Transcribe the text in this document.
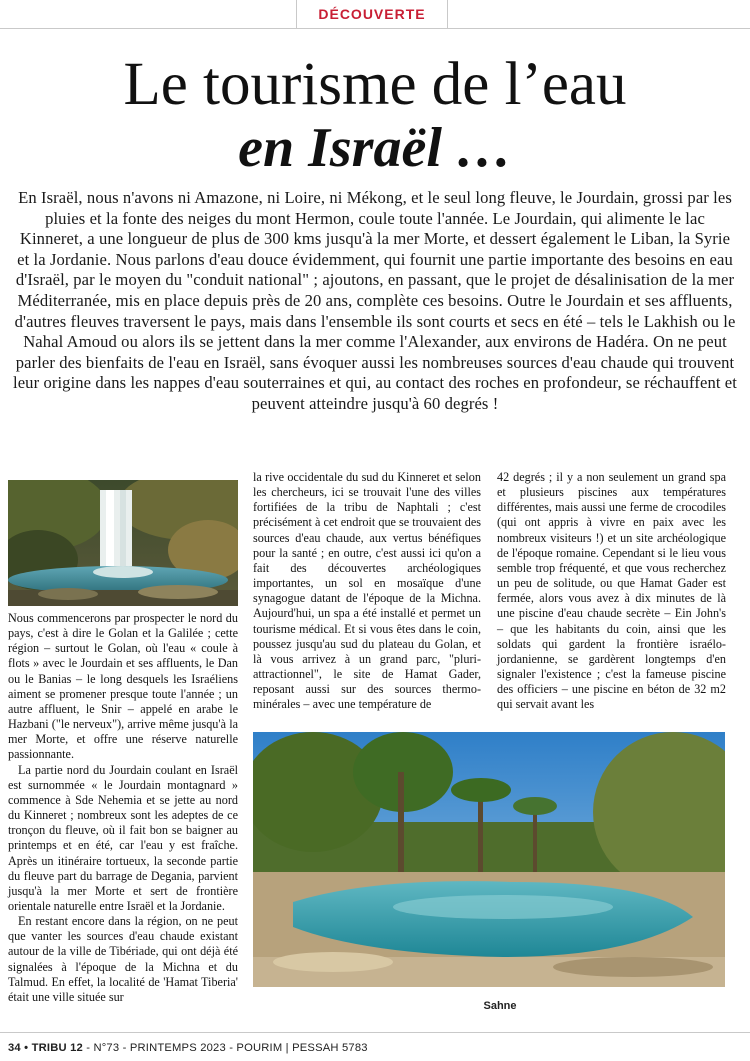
DÉCOUVERTE
Le tourisme de l’eau
en Israël …
En Israël, nous n'avons ni Amazone, ni Loire, ni Mékong, et le seul long fleuve, le Jourdain, grossi par les pluies et la fonte des neiges du mont Hermon, coule toute l'année. Le Jourdain, qui alimente le lac Kinneret, a une longueur de plus de 300 kms jusqu'à la mer Morte, et dessert également le Liban, la Syrie et la Jordanie. Nous parlons d'eau douce évidemment, qui fournit une partie importante des besoins en eau d'Israël, par le moyen du "conduit national" ; ajoutons, en passant, que le projet de désalinisation de la mer Méditerranée, mis en place depuis près de 20 ans, complète ces besoins. Outre le Jourdain et ses affluents, d'autres fleuves traversent le pays, mais dans l'ensemble ils sont courts et secs en été – tels le Lakhish ou le Nahal Amoud ou alors ils se jettent dans la mer comme l'Alexander, aux environs de Hadéra. On ne peut parler des bienfaits de l'eau en Israël, sans évoquer aussi les nombreuses sources d'eau chaude qui trouvent leur origine dans les nappes d'eau souterraines et qui, au contact des roches en profondeur, se réchauffent et peuvent atteindre jusqu'à 60 degrés !

Nous commencerons par prospecter le nord du pays, c'est à dire le Golan et la Galilée ; cette région – surtout le Golan, où l'eau « coule à flots » avec le Jourdain et ses affluents, le Dan ou le Banias – le long desquels les Israéliens aiment se promener presque toute l'année ; un autre affluent, le Snir – appelé en arabe le Hazbani ("le nerveux"), arrive même jusqu'à la mer Morte, et offre une réserve naturelle passionnante.

La partie nord du Jourdain coulant en Israël est surnommée « le Jourdain montagnard » commence à Sde Nehemia et se jette au nord du Kinneret ; nombreux sont les adeptes de ce tronçon du fleuve, où il fait bon se baigner au printemps et en été, car l'eau y est fraîche. Après un itinéraire tortueux, la seconde partie du fleuve part du barrage de Degania, parvient jusqu'à la mer Morte et sert de frontière orientale naturelle entre Israël et la Jordanie.

En restant encore dans la région, on ne peut que vanter les sources d'eau chaude existant autour de la ville de Tibériade, qui ont déjà été signalées à l'époque de la Michna et du Talmud. En effet, la localité de 'Hamat Tiberia' était une ville située sur

la rive occidentale du sud du Kinneret et selon les chercheurs, ici se trouvait l'une des villes fortifiées de la tribu de Naphtali ; c'est précisément à cet endroit que se trouvaient des sources d'eau chaude, aux vertus bénéfiques pour la santé ; en outre, c'est aussi ici qu'on a fait des découvertes archéologiques importantes, un sol en mosaïque d'une synagogue datant de l'époque de la Michna. Aujourd'hui, un spa a été installé et permet un tourisme médical. Et si vous êtes dans le coin, poussez jusqu'au sud du plateau du Golan, et là vous arrivez à un grand parc, "pluri-attractionnel", le site de Hamat Gader, reposant aussi sur des sources thermo-minérales – avec une température de

42 degrés ; il y a non seulement un grand spa et plusieurs piscines aux températures différentes, mais aussi une ferme de crocodiles (qui ont appris à vivre en paix avec les nombreux visiteurs !) et un site archéologique de l'époque romaine. Cependant si le lieu vous semble trop fréquenté, et que vous recherchez un peu de solitude, ou que Hamat Gader est fermée, alors vous avez à dix minutes de là une piscine d'eau chaude secrète – Ein John's – que les habitants du coin, ainsi que les soldats qui gardent la frontière israélo-jordanienne, se gardèrent longtemps d'en signaler l'existence ; c'est la fameuse piscine des officiers – une piscine en béton de 32 m2 qui servait avant les

Sahne
34 • TRIBU 12 - N°73 - PRINTEMPS 2023 - POURIM | PESSAH 5783
